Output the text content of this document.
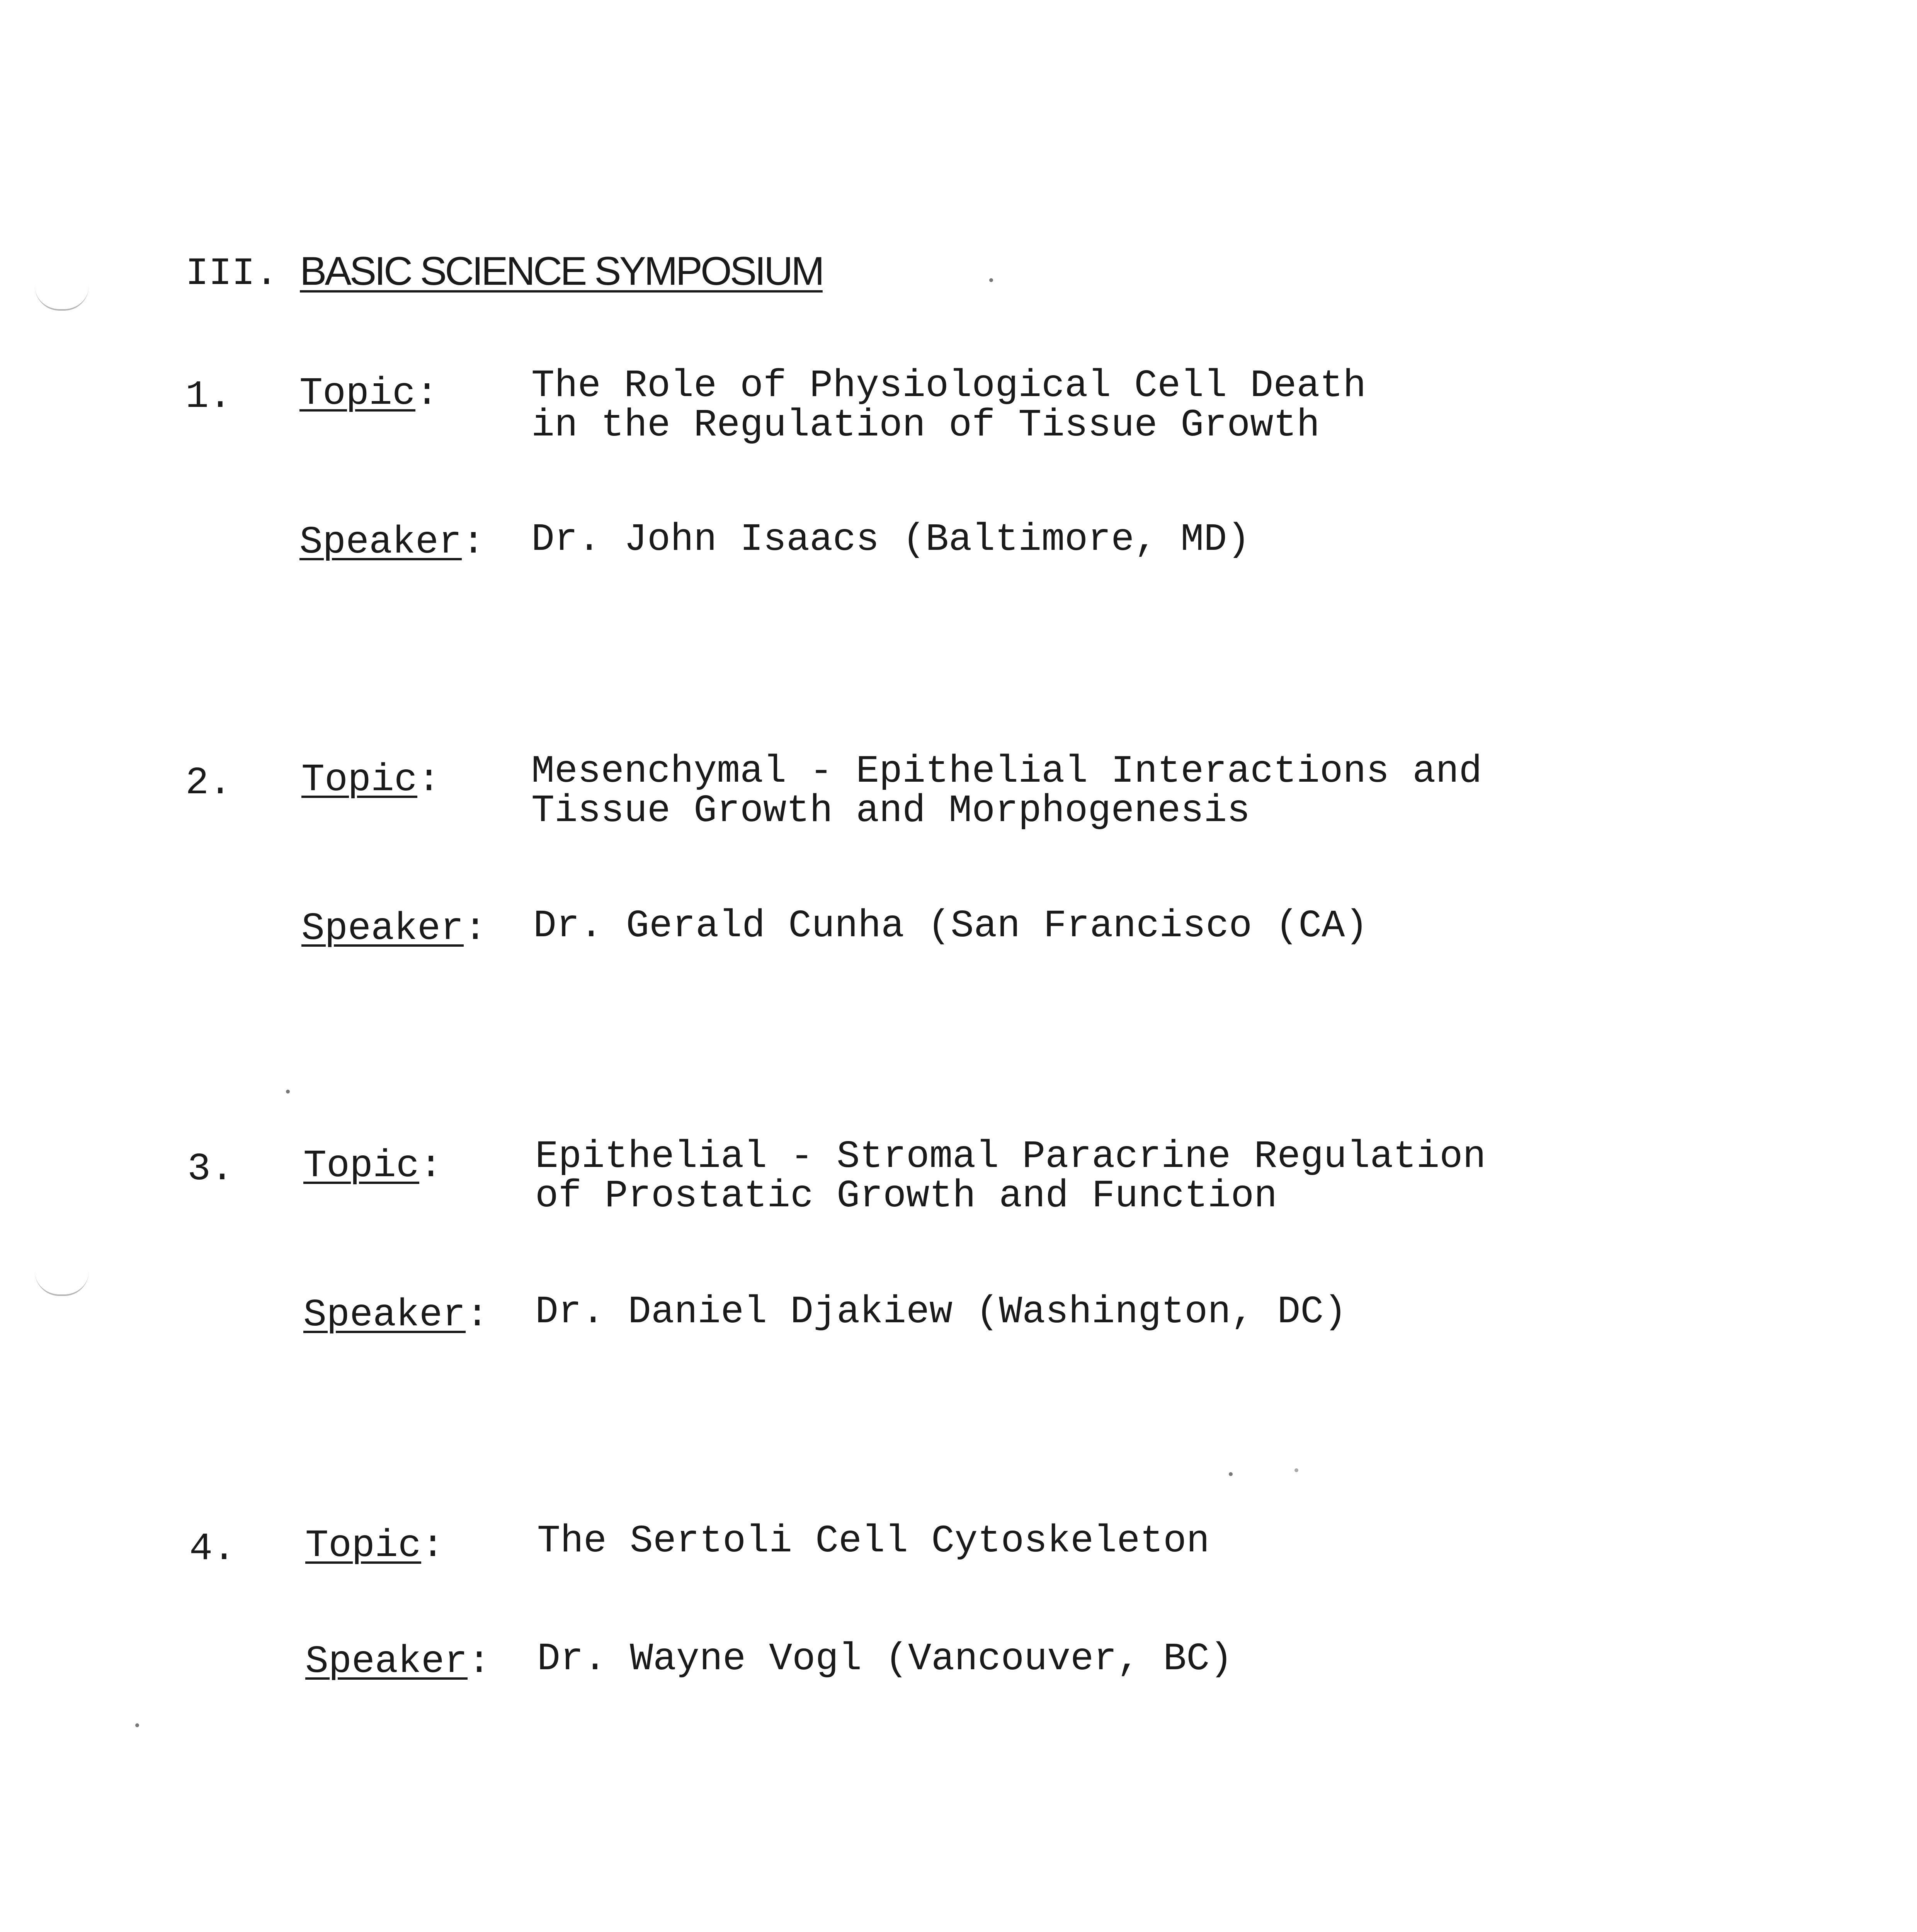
III. BASIC SCIENCE SYMPOSIUM
1. Topic: The Role of Physiological Cell Death
in the Regulation of Tissue Growth
Speaker: Dr. John Isaacs (Baltimore, MD)
2. Topic: Mesenchymal - Epithelial Interactions and
Tissue Growth and Morphogenesis
Speaker: Dr. Gerald Cunha (San Francisco (CA)
3. Topic: Epithelial - Stromal Paracrine Regulation
of Prostatic Growth and Function
Speaker: Dr. Daniel Djakiew (Washington, DC)
4. Topic: The Sertoli Cell Cytoskeleton
Speaker: Dr. Wayne Vogl (Vancouver, BC)
